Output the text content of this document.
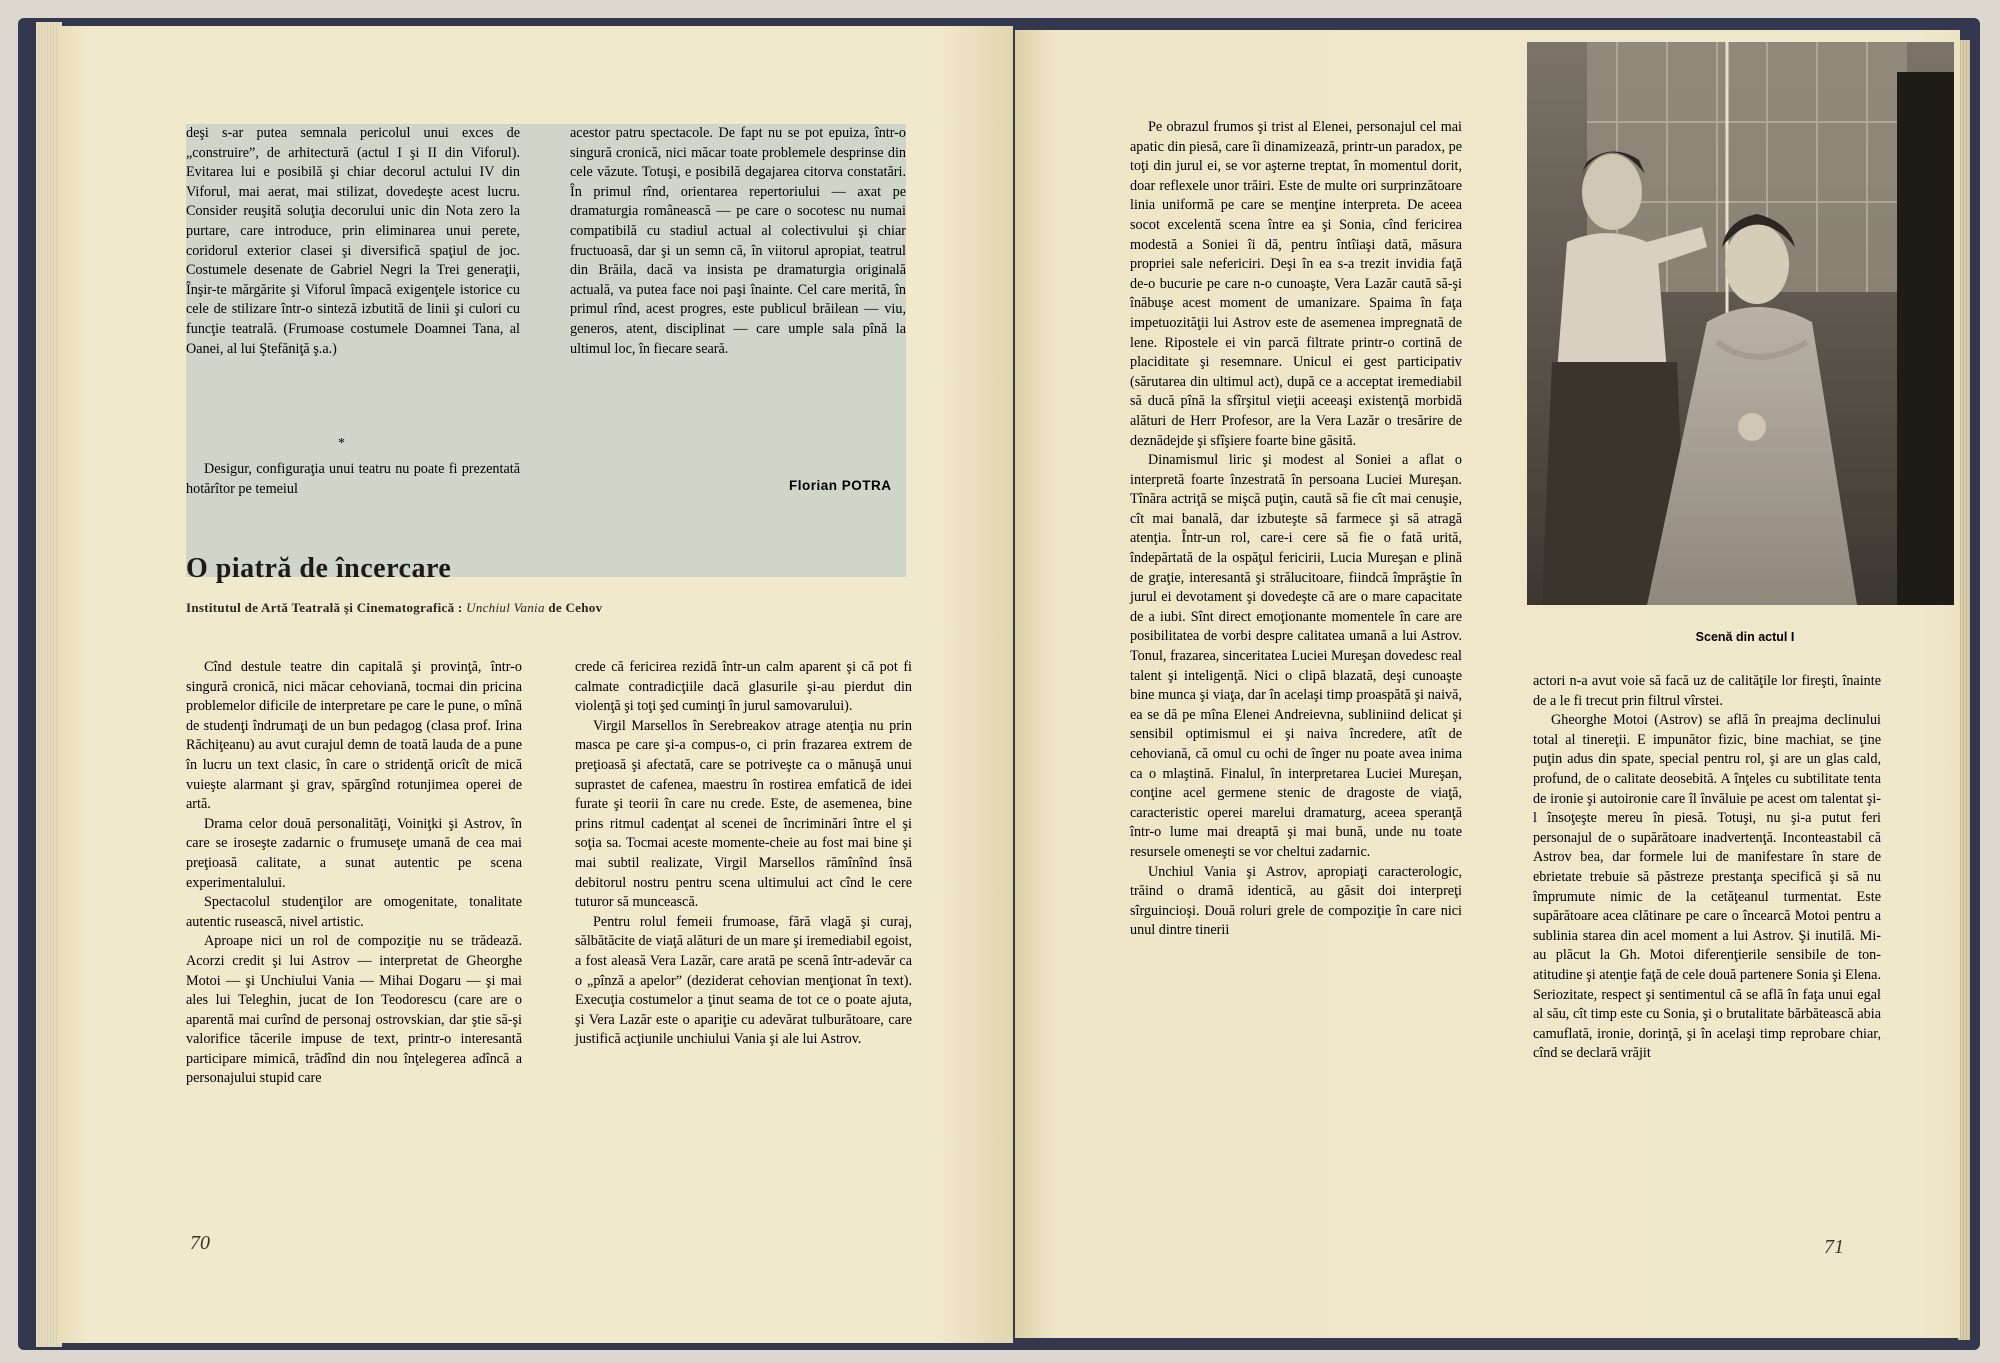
deşi s-ar putea semnala pericolul unui exces de „construire”, de arhitectură (actul I şi II din Viforul). Evitarea lui e posibilă şi chiar decorul actului IV din Viforul, mai aerat, mai stilizat, dovedeşte acest lucru. Consider reuşită soluţia decorului unic din Nota zero la purtare, care introduce, prin eliminarea unui perete, coridorul exterior clasei şi diversifică spaţiul de joc. Costumele desenate de Gabriel Negri la Trei generaţii, Înşir-te mărgărite şi Viforul împacă exigenţele istorice cu cele de stilizare într-o sinteză izbutită de linii şi culori cu funcţie teatrală. (Frumoase costumele Doamnei Tana, al Oanei, al lui Ştefăniţă ş.a.)

*

Desigur, configuraţia unui teatru nu poate fi prezentată hotărîtor pe temeiul

acestor patru spectacole. De fapt nu se pot epuiza, într-o singură cronică, nici măcar toate problemele desprinse din cele văzute. Totuşi, e posibilă degajarea citorva constatări. În primul rînd, orientarea repertoriului — axat pe dramaturgia românească — pe care o socotesc nu numai compatibilă cu stadiul actual al colectivului şi chiar fructuoasă, dar şi un semn că, în viitorul apropiat, teatrul din Brăila, dacă va insista pe dramaturgia originală actuală, va putea face noi paşi înainte. Cel care merită, în primul rînd, acest progres, este publicul brăilean — viu, generos, atent, disciplinat — care umple sala pînă la ultimul loc, în fiecare seară.

Florian POTRA
O piatră de încercare
Institutul de Artă Teatrală şi Cinematografică : Unchiul Vania de Cehov

Cînd destule teatre din capitală şi provinţă, într-o singură cronică, nici măcar cehoviană, tocmai din pricina problemelor dificile de interpretare pe care le pune, o mînă de studenţi îndrumaţi de un bun pedagog (clasa prof. Irina Răchiţeanu) au avut curajul demn de toată lauda de a pune în lucru un text clasic, în care o stridenţă oricît de mică vuieşte alarmant şi grav, spărgînd rotunjimea operei de artă.

Drama celor două personalităţi, Voiniţki şi Astrov, în care se iroseşte zadarnic o frumuseţe umană de cea mai preţioasă calitate, a sunat autentic pe scena experimentalului.

Spectacolul studenţilor are omogenitate, tonalitate autentic rusească, nivel artistic.

Aproape nici un rol de compoziţie nu se trădează. Acorzi credit şi lui Astrov — interpretat de Gheorghe Motoi — şi Unchiului Vania — Mihai Dogaru — şi mai ales lui Teleghin, jucat de Ion Teodorescu (care are o aparentă mai curînd de personaj ostrovskian, dar ştie să-şi valorifice tăcerile impuse de text, printr-o interesantă participare mimică, trădînd din nou înţelegerea adîncă a personajului stupid care

crede că fericirea rezidă într-un calm aparent şi că pot fi calmate contradicţiile dacă glasurile şi-au pierdut din violenţă şi toţi şed cuminţi în jurul samovarului).

Virgil Marsellos în Serebreakov atrage atenţia nu prin masca pe care şi-a compus-o, ci prin frazarea extrem de preţioasă şi afectată, care se potriveşte ca o mănuşă unui suprastet de cafenea, maestru în rostirea emfatică de idei furate şi teorii în care nu crede. Este, de asemenea, bine prins ritmul cadenţat al scenei de încriminări între el şi soţia sa. Tocmai aceste momente-cheie au fost mai bine şi mai subtil realizate, Virgil Marsellos rămînînd însă debitorul nostru pentru scena ultimului act cînd le cere tuturor să muncească.

Pentru rolul femeii frumoase, fără vlagă şi curaj, sălbătăcite de viaţă alături de un mare şi iremediabil egoist, a fost aleasă Vera Lazăr, care arată pe scenă într-adevăr ca o „pînză a apelor” (deziderat cehovian menţionat în text). Execuţia costumelor a ţinut seama de tot ce o poate ajuta, şi Vera Lazăr este o apariţie cu adevărat tulburătoare, care justifică acţiunile unchiului Vania şi ale lui Astrov.

70

Pe obrazul frumos şi trist al Elenei, personajul cel mai apatic din piesă, care îi dinamizează, printr-un paradox, pe toţi din jurul ei, se vor aşterne treptat, în momentul dorit, doar reflexele unor trăiri. Este de multe ori surprinzătoare linia uniformă pe care se menţine interpreta. De aceea socot excelentă scena între ea şi Sonia, cînd fericirea modestă a Soniei îi dă, pentru întîiaşi dată, măsura propriei sale nefericiri. Deşi în ea s-a trezit invidia faţă de-o bucurie pe care n-o cunoaşte, Vera Lazăr caută să-şi înăbuşe acest moment de umanizare. Spaima în faţa impetuozităţii lui Astrov este de asemenea impregnată de lene. Ripostele ei vin parcă filtrate printr-o cortină de placiditate şi resemnare. Unicul ei gest participativ (sărutarea din ultimul act), după ce a acceptat iremediabil să ducă pînă la sfîrşitul vieţii aceeaşi existenţă morbidă alături de Herr Profesor, are la Vera Lazăr o tresărire de deznădejde şi sfîşiere foarte bine găsită.

Dinamismul liric şi modest al Soniei a aflat o interpretă foarte înzestrată în persoana Luciei Mureşan. Tînăra actriţă se mişcă puţin, caută să fie cît mai cenuşie, cît mai banală, dar izbuteşte să farmece şi să atragă atenţia. Într-un rol, care-i cere să fie o fată urită, îndepărtată de la ospăţul fericirii, Lucia Mureşan e plină de graţie, interesantă şi strălucitoare, fiindcă împrăştie în jurul ei devotament şi dovedeşte că are o mare capacitate de a iubi. Sînt direct emoţionante momentele în care are posibilitatea de vorbi despre calitatea umană a lui Astrov. Tonul, frazarea, sinceritatea Luciei Mureşan dovedesc real talent şi inteligenţă. Nici o clipă blazată, deşi cunoaşte bine munca şi viaţa, dar în acelaşi timp proaspătă şi naivă, ea se dă pe mîna Elenei Andreievna, subliniind delicat şi sensibil optimismul ei şi naiva încredere, atît de cehoviană, că omul cu ochi de înger nu poate avea inima ca o mlaştină. Finalul, în interpretarea Luciei Mureşan, conţine acel germene stenic de dragoste de viaţă, caracteristic operei marelui dramaturg, aceea speranţă într-o lume mai dreaptă şi mai bună, unde nu toate resursele omeneşti se vor cheltui zadarnic.

Unchiul Vania şi Astrov, apropiaţi caracterologic, trăind o dramă identică, au găsit doi interpreţi sîrguincioşi. Două roluri grele de compoziţie în care nici unul dintre tinerii

Scenă din actul I

actori n-a avut voie să facă uz de calităţile lor fireşti, înainte de a le fi trecut prin filtrul vîrstei.

Gheorghe Motoi (Astrov) se află în preajma declinului total al tinereţii. E impunător fizic, bine machiat, se ţine puţin adus din spate, special pentru rol, şi are un glas cald, profund, de o calitate deosebită. A înţeles cu subtilitate tenta de ironie şi autoironie care îl învăluie pe acest om talentat şi-l însoţeşte mereu în piesă. Totuşi, nu şi-a putut feri personajul de o supărătoare inadvertenţă. Inconteastabil că Astrov bea, dar formele lui de manifestare în stare de ebrietate trebuie să păstreze prestanţa specifică şi să nu împrumute nimic de la cetăţeanul turmentat. Este supărătoare acea clătinare pe care o încearcă Motoi pentru a sublinia starea din acel moment a lui Astrov. Şi inutilă. Mi-au plăcut la Gh. Motoi diferenţierile sensibile de ton-atitudine şi atenţie faţă de cele două partenere Sonia şi Elena. Seriozitate, respect şi sentimentul că se află în faţa unui egal al său, cît timp este cu Sonia, şi o brutalitate bărbătească abia camuflată, ironie, dorinţă, şi în acelaşi timp reprobare chiar, cînd se declară vrăjit

71
